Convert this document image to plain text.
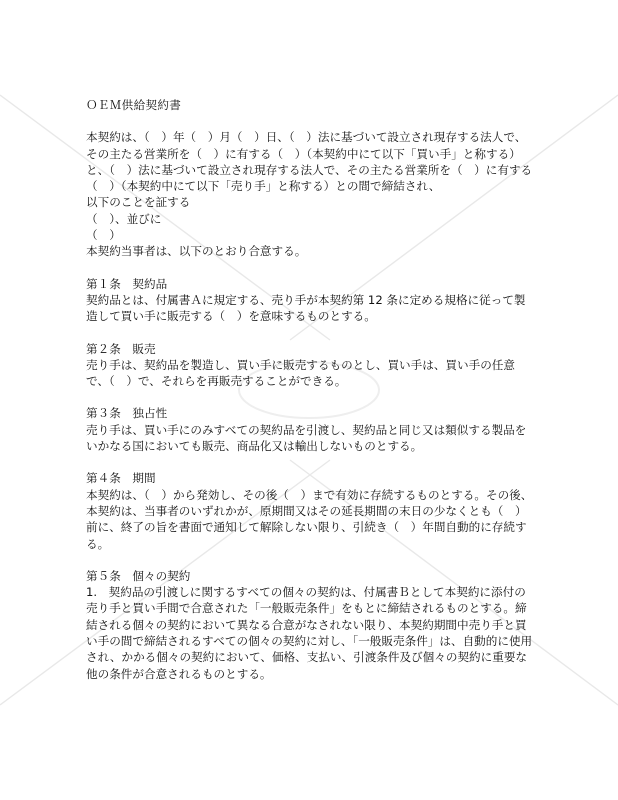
ＯＥＭ供給契約書

本契約は、（　）年（　）月（　）日、（　）法に基づいて設立され現存する法人で、その主たる営業所を（　）に有する（　）（本契約中にて以下「買い手」と称する）と、（　）法に基づいて設立され現存する法人で、その主たる営業所を（　）に有する（　）（本契約中にて以下「売り手」と称する）との間で締結され、

以下のことを証する

（　）、並びに

（　）

本契約当事者は、以下のとおり合意する。

第１条　契約品

契約品とは、付属書Ａに規定する、売り手が本契約第 12 条に定める規格に従って製造して買い手に販売する（　）を意味するものとする。

第２条　販売

売り手は、契約品を製造し、買い手に販売するものとし、買い手は、買い手の任意で、（　）で、それらを再販売することができる。

第３条　独占性

売り手は、買い手にのみすべての契約品を引渡し、契約品と同じ又は類似する製品をいかなる国においても販売、商品化又は輸出しないものとする。

第４条　期間

本契約は、（　）から発効し、その後（　）まで有効に存続するものとする。その後、本契約は、当事者のいずれかが、原期間又はその延長期間の末日の少なくとも（　）前に、終了の旨を書面で通知して解除しない限り、引続き（　）年間自動的に存続する。

第５条　個々の契約

1.　契約品の引渡しに関するすべての個々の契約は、付属書Ｂとして本契約に添付の売り手と買い手間で合意された「一般販売条件」をもとに締結されるものとする。締結される個々の契約において異なる合意がなされない限り、本契約期間中売り手と買い手の間で締結されるすべての個々の契約に対し、「一般販売条件」は、自動的に使用され、かかる個々の契約において、価格、支払い、引渡条件及び個々の契約に重要な他の条件が合意されるものとする。
